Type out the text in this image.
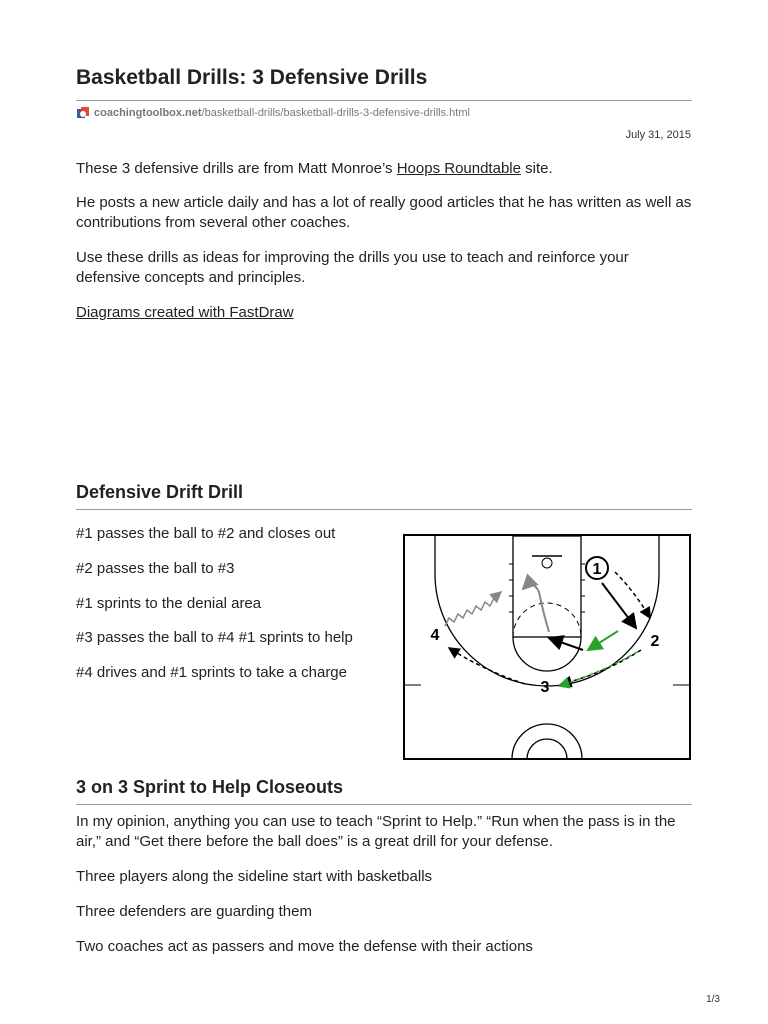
Basketball Drills: 3 Defensive Drills
coachingtoolbox.net /basketball-drills/basketball-drills-3-defensive-drills.html
July 31, 2015

These 3 defensive drills are from Matt Monroe’s Hoops Roundtable site.

He posts a new article daily and has a lot of really good articles that he has written as well as contributions from several other coaches.

Use these drills as ideas for improving the drills you use to teach and reinforce your defensive concepts and principles.

Diagrams created with FastDraw

Defensive Drift Drill

#1 passes the ball to #2 and closes out

#2 passes the ball to #3

#1 sprints to the denial area

#3 passes the ball to #4 #1 sprints to help

#4 drives and #1 sprints to take a charge

1
2
3
4
3 on 3 Sprint to Help Closeouts

In my opinion, anything you can use to teach “Sprint to Help.” “Run when the pass is in the air,” and “Get there before the ball does” is a great drill for your defense.

Three players along the sideline start with basketballs

Three defenders are guarding them

Two coaches act as passers and move the defense with their actions

1/3
